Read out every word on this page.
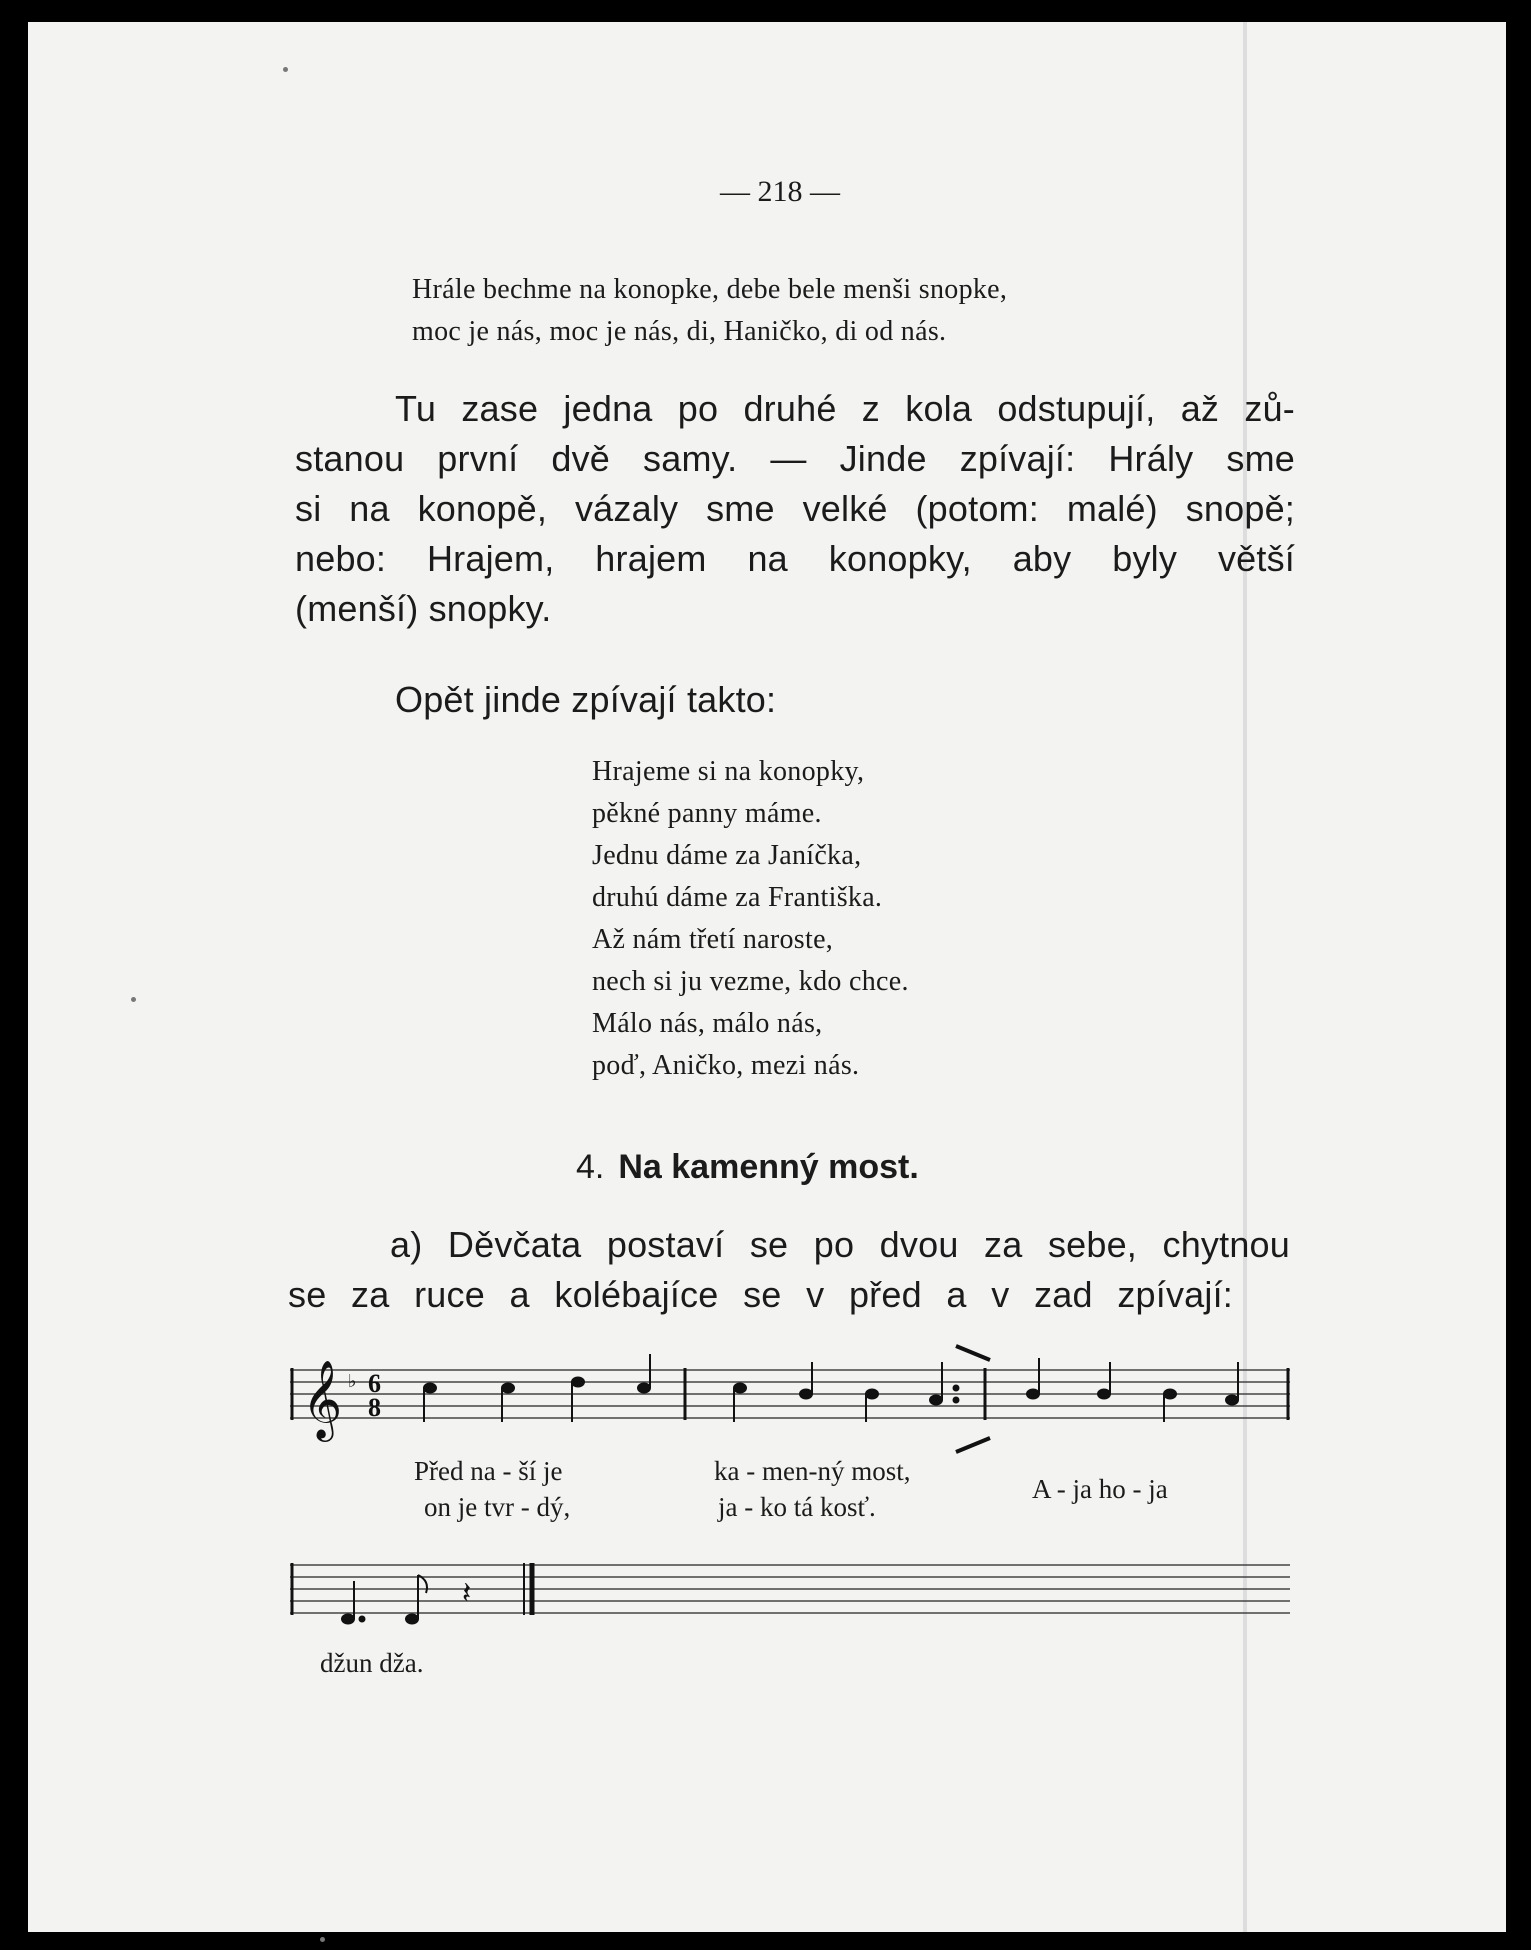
— 218 —
Hrále bechme na konopke, debe bele menši snopke,
moc je nás, moc je nás, di, Haničko, di od nás.
Tu zase jedna po druhé z kola odstupují, až zů-
stanou první dvě samy. — Jinde zpívají: Hrály sme
si na konopě, vázaly sme velké (potom: malé) snopě;
nebo: Hrajem, hrajem na konopky, aby byly větší
(menší) snopky.
Opět jinde zpívají takto:
Hrajeme si na konopky,
pěkné panny máme.
Jednu dáme za Janíčka,
druhú dáme za Františka.
Až nám třetí naroste,
nech si ju vezme, kdo chce.
Málo nás, málo nás,
poď, Aničko, mezi nás.
4. Na kamenný most.
a) Děvčata postaví se po dvou za sebe, chytnou
se za ruce a kolébajíce se v před a v zad zpívají:
𝄞 ♭ 6
8
Před na - ší je	ka - men-ný most,
A - ja ho - ja
on je tvr - dý,	ja - ko tá kosť.
𝄽
džun dža.
